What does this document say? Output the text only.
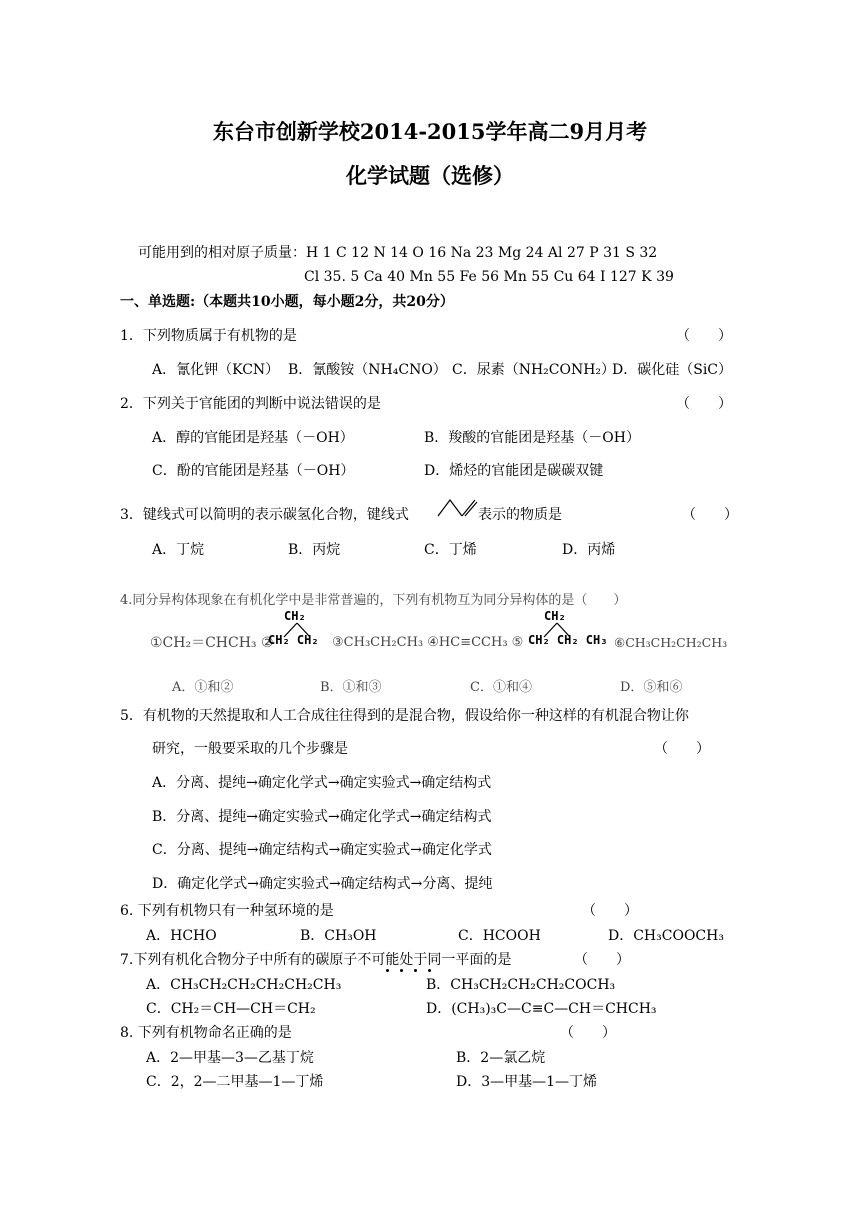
东台市创新学校2014-2015学年高二9月月考
化学试题（选修）
可能用到的相对原子质量：H 1 C 12 N 14 O 16 Na 23 Mg 24 Al 27 P 31 S 32
Cl 35. 5 Ca 40 Mn 55 Fe 56 Mn 55 Cu 64 I 127 K 39
一、单选题:（本题共10小题，每小题2分，共20分）
1．下列物质属于有机物的是	（　　）
A．氰化钾（KCN） B．氰酸铵（NH₄CNO） C．尿素（NH₂CONH₂）
D．碳化硅（SiC）
2．下列关于官能团的判断中说法错误的是	（　　）
A．醇的官能团是羟基（－OH）	B．羧酸的官能团是羟基（－OH）
C．酚的官能团是羟基（－OH）	D．烯烃的官能团是碳碳双键
3．键线式可以简明的表示碳氢化合物，键线式	表示的物质是	（　　）
A．丁烷	B．丙烷	C．丁烯	D．丙烯
4.同分异构体现象在有机化学中是非常普遍的，下列有机物互为同分异构体的是（　　）
①CH₂＝CHCH₃ ②
CH₂
CH₂ CH₂ ③CH₃CH₂CH₃ ④HC≡CCH₃ ⑤
CH₂
CH₂ CH₂ CH₃ ⑥CH₃CH₂CH₂CH₃
A．①和②	B．①和③	C．①和④	D．⑤和⑥
5．有机物的天然提取和人工合成往往得到的是混合物，假设给你一种这样的有机混合物让你
研究，一般要采取的几个步骤是	（　　）
A．分离、提纯→确定化学式→确定实验式→确定结构式
B．分离、提纯→确定实验式→确定化学式→确定结构式
C．分离、提纯→确定结构式→确定实验式→确定化学式
D．确定化学式→确定实验式→确定结构式→分离、提纯
6. 下列有机物只有一种氢环境的是	（　　）
A．HCHO	B．CH₃OH	C．HCOOH	D．CH₃COOCH₃
7.下列有机化合物分子中所有的碳原子不可能处于同一平面的是	（　　）
A．CH₃CH₂CH₂CH₂CH₂CH₃	B．CH₃CH₂CH₂CH₂COCH₃
C．CH₂＝CH—CH＝CH₂	D．(CH₃)₃C—C≡C—CH＝CHCH₃
8. 下列有机物命名正确的是	（　　）
A．2—甲基—3—乙基丁烷	B．2—氯乙烷
C．2，2—二甲基—1—丁烯	D．3—甲基—1—丁烯
